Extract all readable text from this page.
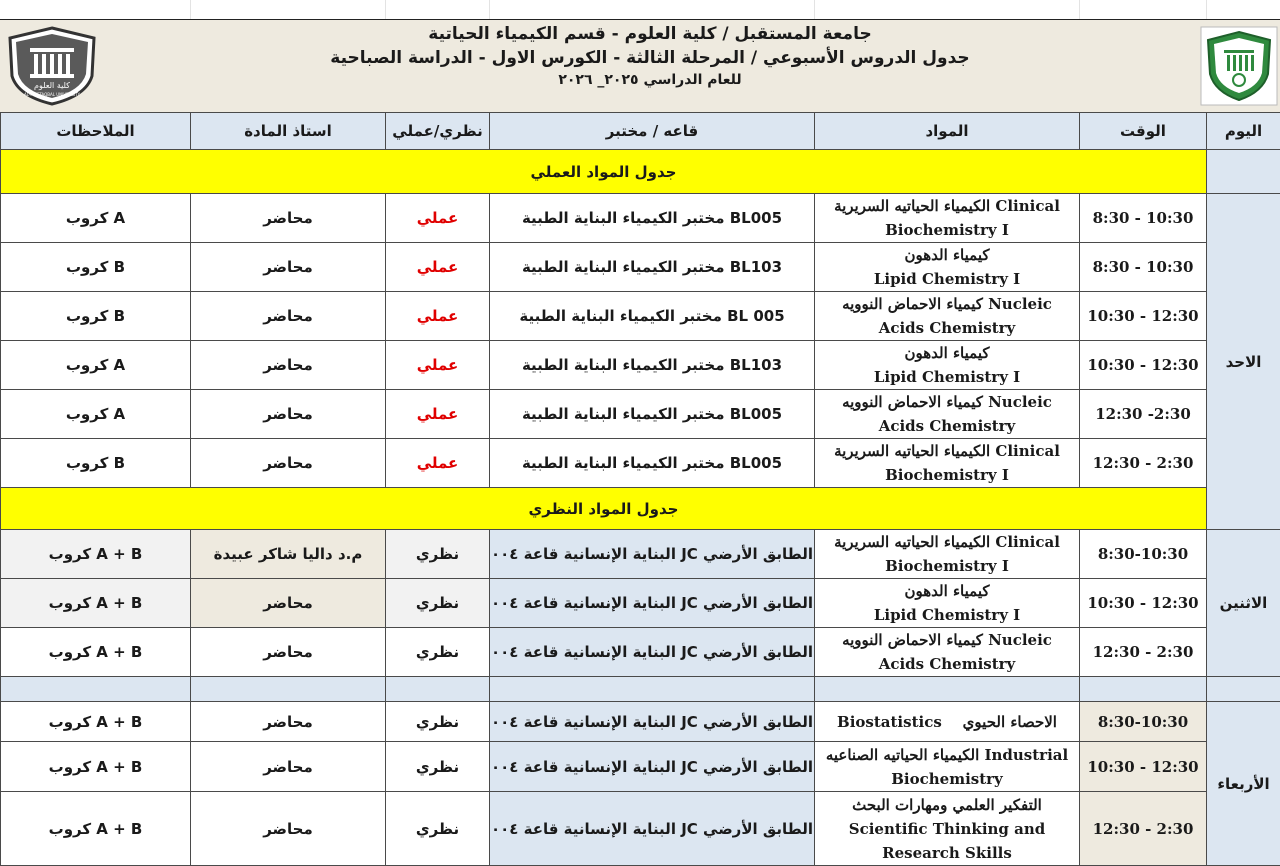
كلية العلوم
AL-MUSTAQBAL UNIVERSITY
جامعة المستقبل / كلية العلوم - قسم الكيمياء الحياتية
جدول الدروس الأسبوعي / المرحلة الثالثة - الكورس الاول - الدراسة الصباحية
للعام الدراسي ٢٠٢٥_ ٢٠٢٦
الملاحظات	استاذ المادة	نظري/عملي	قاعه / مختبر	المواد	الوقت	اليوم
جدول المواد العملي						
كروب A	محاضر	عملي	مختبر الكيمياء البناية الطبية BL005	الكيمياء الحياتيه السريرية Clinical
Biochemistry I	8:30 - 10:30	الاحد
كروب B	محاضر	عملي	مختبر الكيمياء البناية الطبية BL103	كيمياء الدهون
Lipid Chemistry I	8:30 - 10:30	
كروب B	محاضر	عملي	مختبر الكيمياء البناية الطبية BL 005	كيمياء الاحماض النوويه Nucleic
Acids Chemistry	10:30 - 12:30	
كروب A	محاضر	عملي	مختبر الكيمياء البناية الطبية BL103	كيمياء الدهون
Lipid Chemistry I	10:30 - 12:30	
كروب A	محاضر	عملي	مختبر الكيمياء البناية الطبية BL005	كيمياء الاحماض النوويه Nucleic
Acids Chemistry	12:30 -2:30	
كروب B	محاضر	عملي	مختبر الكيمياء البناية الطبية BL005	الكيمياء الحياتيه السريرية Clinical
Biochemistry I	12:30 - 2:30	
جدول المواد النظري						
كروب A + B	م.د داليا شاكر عبيدة	نظري	البناية الإنسانية قاعة ٠٠٤ JC الطابق الأرضي	الكيمياء الحياتيه السريرية Clinical
Biochemistry I	8:30-10:30	الاثنين
كروب A + B	محاضر	نظري	البناية الإنسانية قاعة ٠٠٤ JC الطابق الأرضي	كيمياء الدهون
Lipid Chemistry I	10:30 - 12:30	
كروب A + B	محاضر	نظري	البناية الإنسانية قاعة ٠٠٤ JC الطابق الأرضي	كيمياء الاحماض النوويه Nucleic
Acids Chemistry	12:30 - 2:30	

كروب A + B	محاضر	نظري	البناية الإنسانية قاعة ٠٠٤ JC الطابق الأرضي	Biostatistics    الاحصاء الحيوي	8:30-10:30	الأربعاء
كروب A + B	محاضر	نظري	البناية الإنسانية قاعة ٠٠٤ JC الطابق الأرضي	الكيمياء الحياتيه الصناعيه Industrial
Biochemistry	10:30 - 12:30	
كروب A + B	محاضر	نظري	البناية الإنسانية قاعة ٠٠٤ JC الطابق الأرضي	التفكير العلمي ومهارات البحث
Scientific Thinking and
Research Skills	12:30 - 2:30	
